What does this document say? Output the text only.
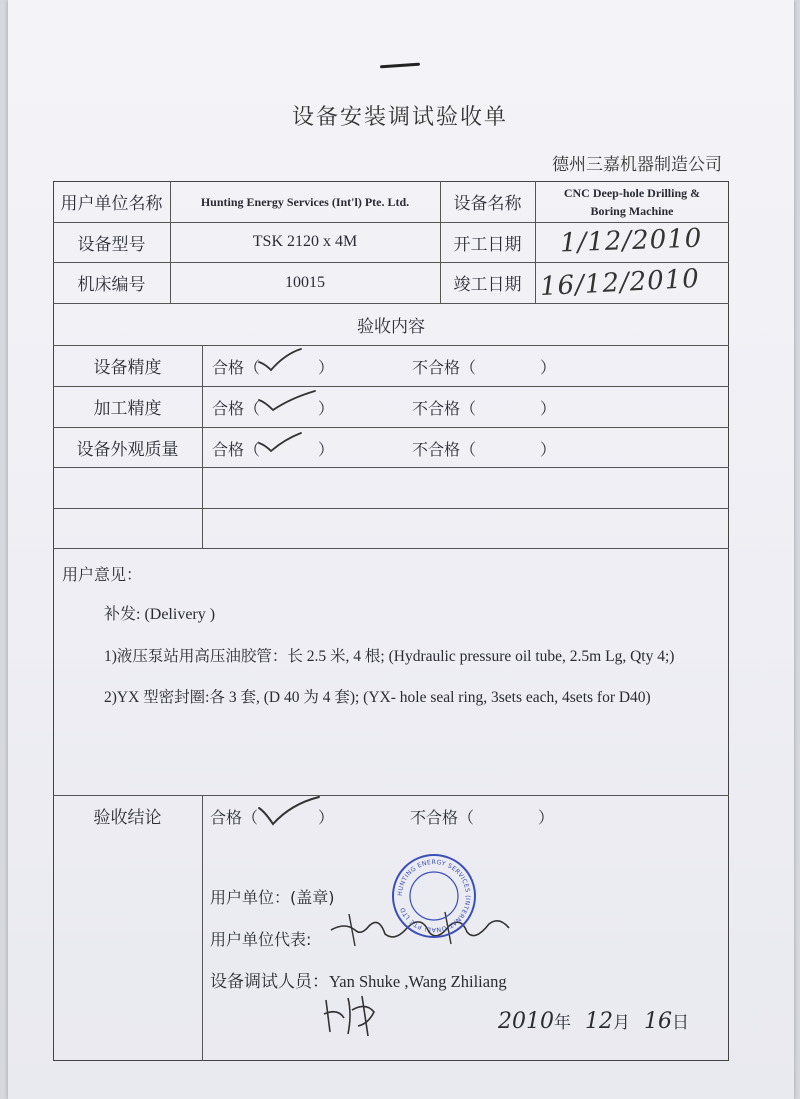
设备安装调试验收单
德州三嘉机器制造公司
用户单位名称	Hunting Energy Services (Int'l) Pte. Ltd.	设备名称
CNC Deep-hole Drilling &
Boring Machine
设备型号	TSK 2120 x 4M	开工日期	1/12/2010
机床编号	10015	竣工日期 16/12/2010
验收内容
设备精度	合格（	）	不合格（	）
加工精度	合格（	）	不合格（	）
设备外观质量	合格（	）	不合格（	）
用户意见：
补发: (Delivery )
1)液压泵站用高压油胶管：长 2.5 米, 4 根; (Hydraulic pressure oil tube, 2.5m Lg, Qty 4;)
2)YX 型密封圈:各 3 套, (D 40 为 4 套); (YX- hole seal ring, 3sets each, 4sets for D40)
验收结论	合格（	）	不合格（	）
用户单位：(盖章)
用户单位代表:
设备调试人员：Yan Shuke ,Wang Zhiliang
2010年 12月 16日
HUNTING ENERGY SERVICES (INTERNATIONAL) PTE LTD
